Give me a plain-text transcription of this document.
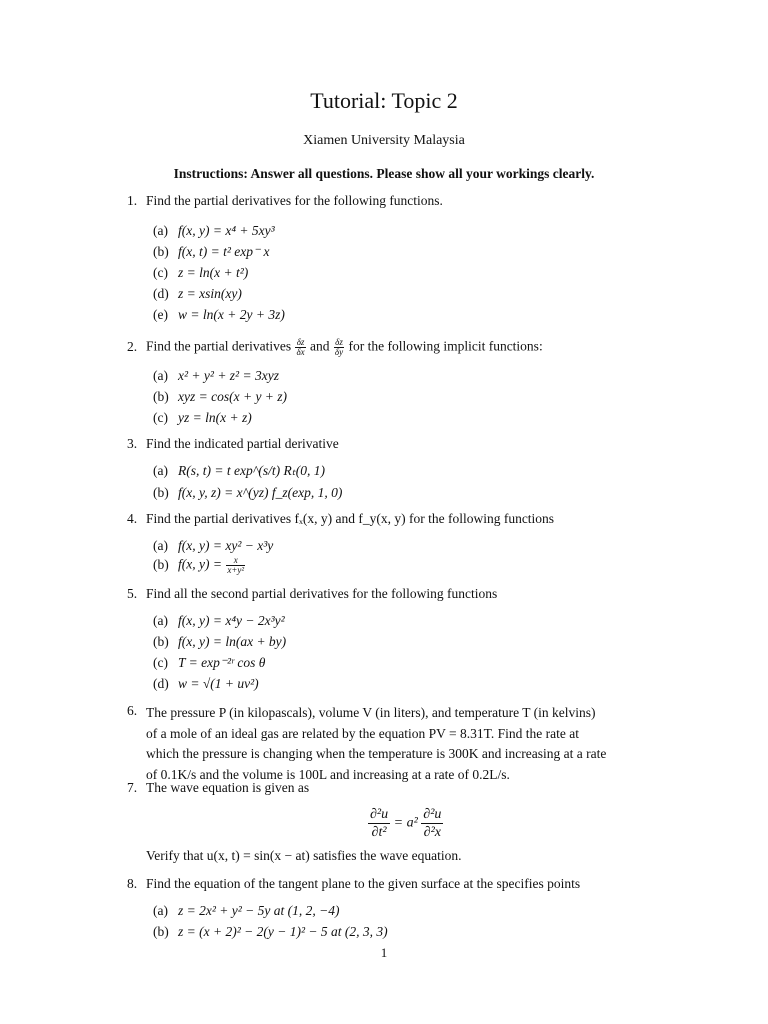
Tutorial: Topic 2
Xiamen University Malaysia
Instructions: Answer all questions. Please show all your workings clearly.
1. Find the partial derivatives for the following functions.
(a) f(x, y) = x⁴ + 5xy³
(b) f(x, t) = t² exp⁻ x
(c) z = ln(x + t²)
(d) z = xsin(xy)
(e) w = ln(x + 2y + 3z)
2. Find the partial derivatives $\frac{\delta z}{\delta x}$ and $\frac{\delta z}{\delta y}$ for the following implicit functions:
(a) x² + y² + z² = 3xyz
(b) xyz = cos(x + y + z)
(c) yz = ln(x + z)
3. Find the indicated partial derivative
(a) R(s, t) = t exp^(s/t) Rₜ(0, 1)
(b) f(x, y, z) = x^(yz) f_z(exp, 1, 0)
4. Find the partial derivatives fₓ(x, y) and f_y(x, y) for the following functions
(a) f(x, y) = xy² − x³y
(b) f(x, $y) = \frac{x}{\text{x+y²}}$
5. Find all the second partial derivatives for the following functions
(a) f(x, y) = x⁴y − 2x³y²
(b) f(x, y) = ln(ax + by)
(c) T = exp⁻²ʳ cos θ
(d) w = √(1 + uv²)
6. The pressure P (in kilopascals), volume V (in liters), and temperature T (in kelvins)
of a mole of an ideal gas are related by the equation PV = 8.31T. Find the rate at
which the pressure is changing when the temperature is 300K and increasing at a rate
of 0.1K/s and the volume is 100L and increasing at a rate of 0.2L/s.
7. The wave equation is given as
$\frac{\text{∂²u}}{\text{∂t²}} = a^2 \frac{\text{∂²u}}{\text{∂²x}}$
Verify that u(x, t) = sin(x − at) satisfies the wave equation.
8. Find the equation of the tangent plane to the given surface at the specifies points
(a) z = 2x² + y² − 5y at (1, 2, −4)
(b) z = (x + 2)² − 2(y − 1)² − 5 at (2, 3, 3)
1
